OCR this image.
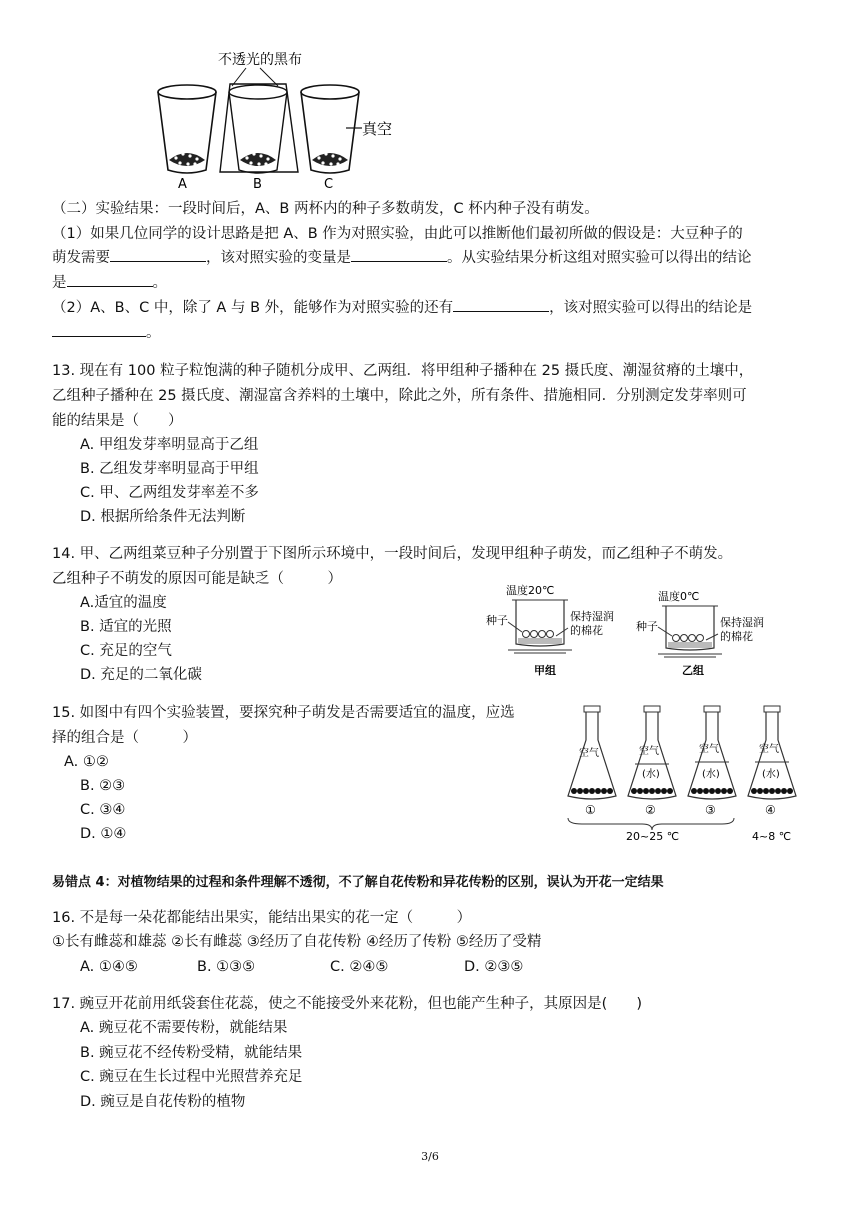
不透光的黑布
真空
A	B	C
（二）实验结果：一段时间后，A、B 两杯内的种子多数萌发，C 杯内种子没有萌发。
（1）如果几位同学的设计思路是把 A、B 作为对照实验，由此可以推断他们最初所做的假设是：大豆种子的
萌发需要	，该对照实验的变量是	。从实验结果分析这组对照实验可以得出的结论
是	。
（2）A、B、C 中，除了 A 与 B 外，能够作为对照实验的还有	，该对照实验可以得出的结论是
。
13. 现在有 100 粒子粒饱满的种子随机分成甲、乙两组．将甲组种子播种在 25 摄氏度、潮湿贫瘠的土壤中，
乙组种子播种在 25 摄氏度、潮湿富含养料的土壤中，除此之外，所有条件、措施相同．分别测定发芽率则可
能的结果是（　　）
A. 甲组发芽率明显高于乙组
B. 乙组发芽率明显高于甲组
C. 甲、乙两组发芽率差不多
D. 根据所给条件无法判断
14. 甲、乙两组菜豆种子分别置于下图所示环境中，一段时间后，发现甲组种子萌发，而乙组种子不萌发。
乙组种子不萌发的原因可能是缺乏（　　　）
A.适宜的温度
B. 适宜的光照
C. 充足的空气
D. 充足的二氧化碳
温度20℃
种子	保持湿润
的棉花
甲组
温度0℃
种子	保持湿润
的棉花
乙组
15. 如图中有四个实验装置，要探究种子萌发是否需要适宜的温度，应选
择的组合是（　　　）
A. ①②
B. ②③
C. ③④
D. ①④
空气	空气
(水)
空气
(水)
空气
(水)
①	②	③	④
20~25 ℃	4~8 ℃
易错点 4：对植物结果的过程和条件理解不透彻，不了解自花传粉和异花传粉的区别，误认为开花一定结果
16. 不是每一朵花都能结出果实，能结出果实的花一定（　　　）
①长有雌蕊和雄蕊 ②长有雌蕊 ③经历了自花传粉 ④经历了传粉 ⑤经历了受精
A. ①④⑤	B. ①③⑤	C. ②④⑤	D. ②③⑤
17. 豌豆开花前用纸袋套住花蕊，使之不能接受外来花粉，但也能产生种子，其原因是(　　)
A. 豌豆花不需要传粉，就能结果
B. 豌豆花不经传粉受精，就能结果
C. 豌豆在生长过程中光照营养充足
D. 豌豆是自花传粉的植物
3/6
